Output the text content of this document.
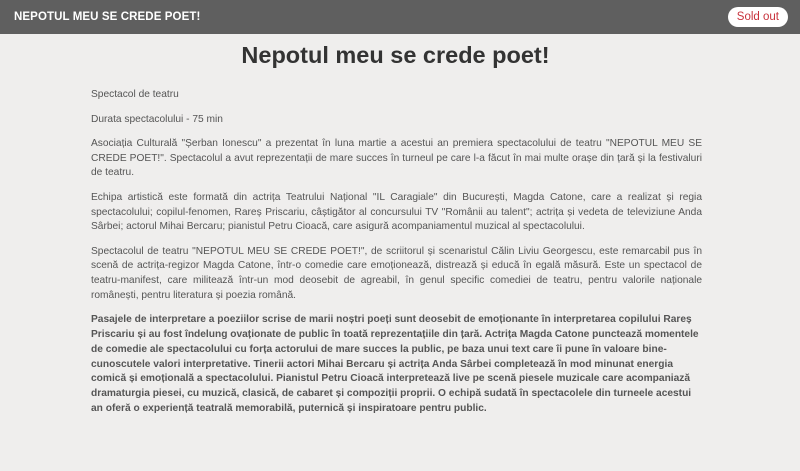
NEPOTUL MEU SE CREDE POET!	Sold out
Nepotul meu se crede poet!

Spectacol de teatru

Durata spectacolului - 75 min

Asociația Culturală "Șerban Ionescu" a prezentat în luna martie a acestui an premiera spectacolului de teatru "NEPOTUL MEU SE CREDE POET!". Spectacolul a avut reprezentații de mare succes în turneul pe care l-a făcut în mai multe orașe din țară și la festivaluri de teatru.

Echipa artistică este formată din actrița Teatrului Național "IL Caragiale" din București, Magda Catone, care a realizat și regia spectacolului; copilul-fenomen, Rareș Priscariu, câștigător al concursului TV "Românii au talent"; actrița și vedeta de televiziune Anda Sârbei; actorul Mihai Bercaru; pianistul Petru Cioacă, care asigură acompaniamentul muzical al spectacolului.

Spectacolul de teatru "NEPOTUL MEU SE CREDE POET!", de scriitorul și scenaristul Călin Liviu Georgescu, este remarcabil pus în scenă de actrița-regizor Magda Catone, într-o comedie care emoționează, distrează și educă în egală măsură. Este un spectacol de teatru-manifest, care militează într-un mod deosebit de agreabil, în genul specific comediei de teatru, pentru valorile naționale românești, pentru literatura și poezia română.

Pasajele de interpretare a poeziilor scrise de marii noștri poeți sunt deosebit de emoționante în interpretarea copilului Rareș Priscariu și au fost îndelung ovaționate de public în toată reprezentațiile din țară. Actrița Magda Catone punctează momentele de comedie ale spectacolului cu forța actorului de mare succes la public, pe baza unui text care îi pune în valoare bine-cunoscutele valori interpretative. Tinerii actori Mihai Bercaru și actrița Anda Sârbei completează în mod minunat energia comică și emoțională a spectacolului. Pianistul Petru Cioacă interpretează live pe scenă piesele muzicale care acompaniază dramaturgia piesei, cu muzică, clasică, de cabaret și compoziții proprii. O echipă sudată în spectacolele din turneele acestui an oferă o experiență teatrală memorabilă, puternică și inspiratoare pentru public.
